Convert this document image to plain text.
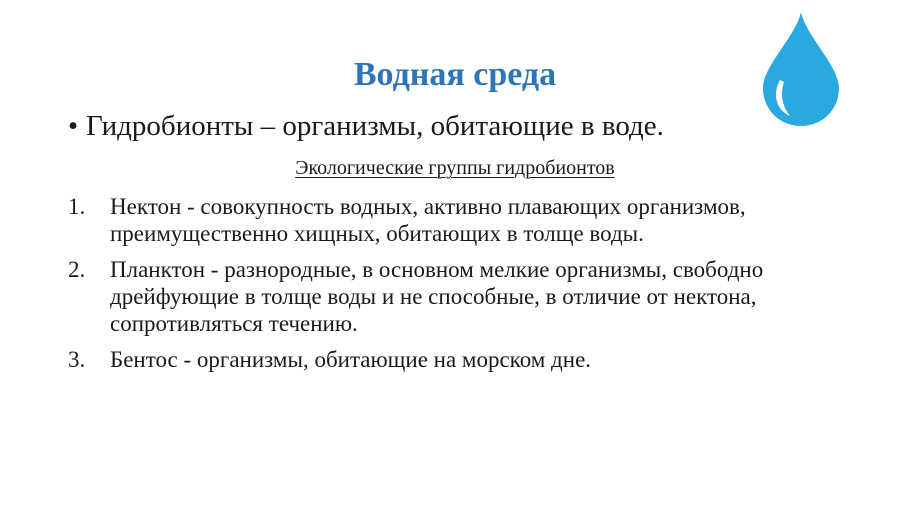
Водная среда
• Гидробионты – организмы, обитающие в воде.
Экологические группы гидробионтов
1. Нектон - совокупность водных, активно плавающих организмов, преимущественно хищных, обитающих в толще воды.
2. Планктон - разнородные, в основном мелкие организмы, свободно дрейфующие в толще воды и не способные, в отличие от нектона, сопротивляться течению.
3. Бентос - организмы, обитающие на морском дне.
